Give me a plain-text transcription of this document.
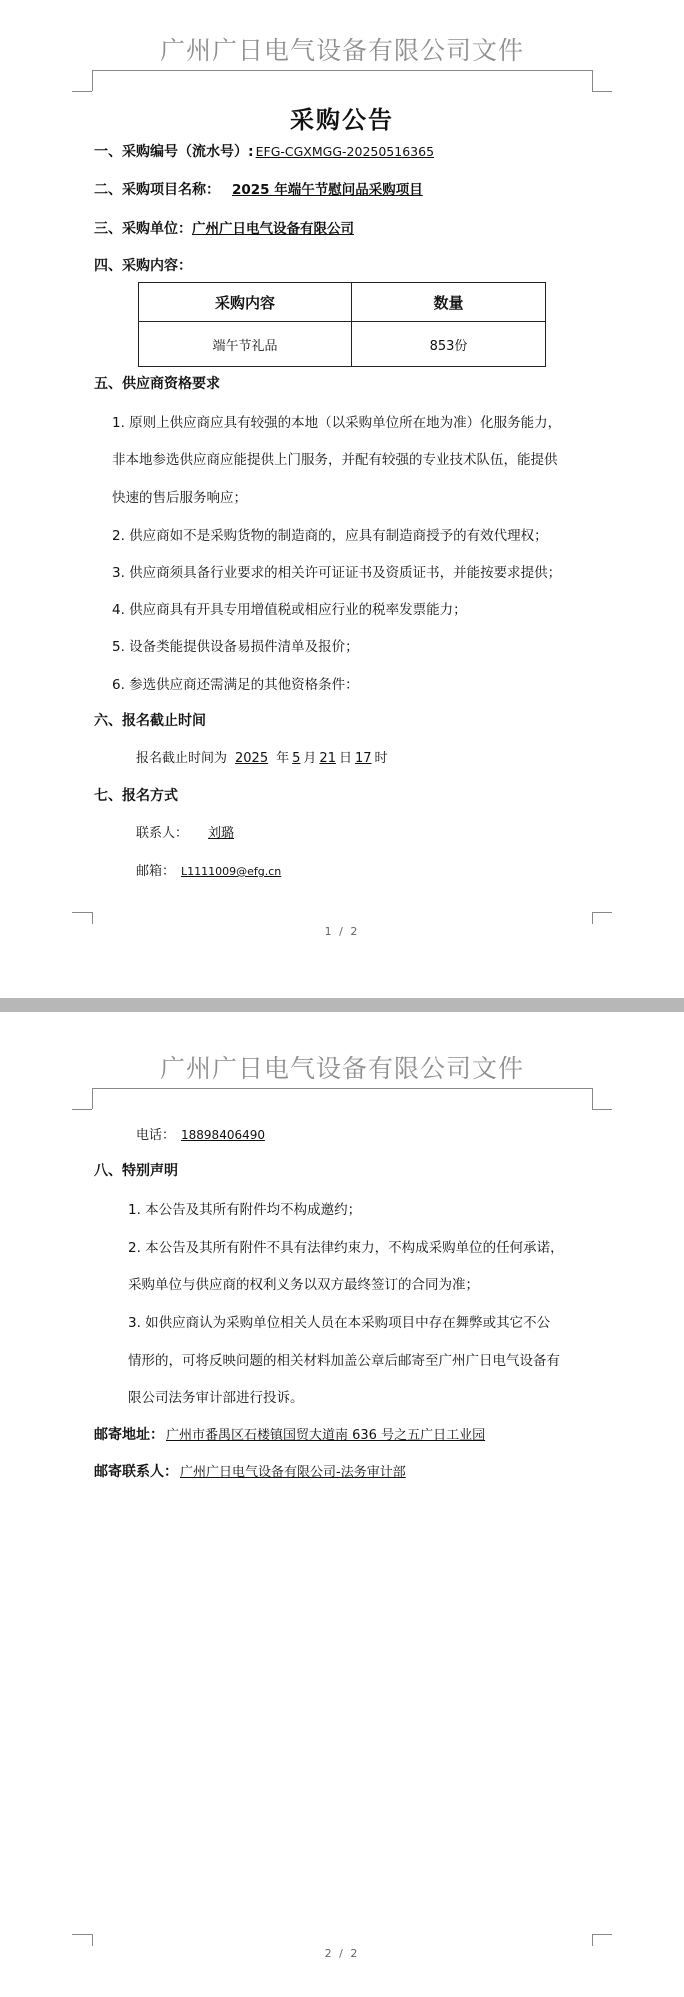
广州广日电气设备有限公司文件
采购公告
一、采购编号（流水号）: EFG-CGXMGG-20250516365
二、采购项目名称： 2025 年端午节慰问品采购项目
三、采购单位：广州广日电气设备有限公司
四、采购内容：
采购内容	数量
端午节礼品	853份
五、供应商资格要求
1. 原则上供应商应具有较强的本地（以采购单位所在地为准）化服务能力，
非本地参选供应商应能提供上门服务，并配有较强的专业技术队伍，能提供
快速的售后服务响应；
2. 供应商如不是采购货物的制造商的，应具有制造商授予的有效代理权；
3. 供应商须具备行业要求的相关许可证证书及资质证书，并能按要求提供；
4. 供应商具有开具专用增值税或相应行业的税率发票能力；
5. 设备类能提供设备易损件清单及报价；
6. 参选供应商还需满足的其他资格条件：
六、报名截止时间
报名截止时间为 2025 年 5 月 21 日 17 时
七、报名方式
联系人： 刘璐
邮箱： L1111009@efg.cn
1 / 2
广州广日电气设备有限公司文件
电话： 18898406490
八、特别声明
1. 本公告及其所有附件均不构成邀约；
2. 本公告及其所有附件不具有法律约束力，不构成采购单位的任何承诺，
采购单位与供应商的权利义务以双方最终签订的合同为准；
3. 如供应商认为采购单位相关人员在本采购项目中存在舞弊或其它不公
情形的，可将反映问题的相关材料加盖公章后邮寄至广州广日电气设备有
限公司法务审计部进行投诉。
邮寄地址： 广州市番禺区石楼镇国贸大道南 636 号之五广日工业园
邮寄联系人： 广州广日电气设备有限公司-法务审计部
2 / 2
